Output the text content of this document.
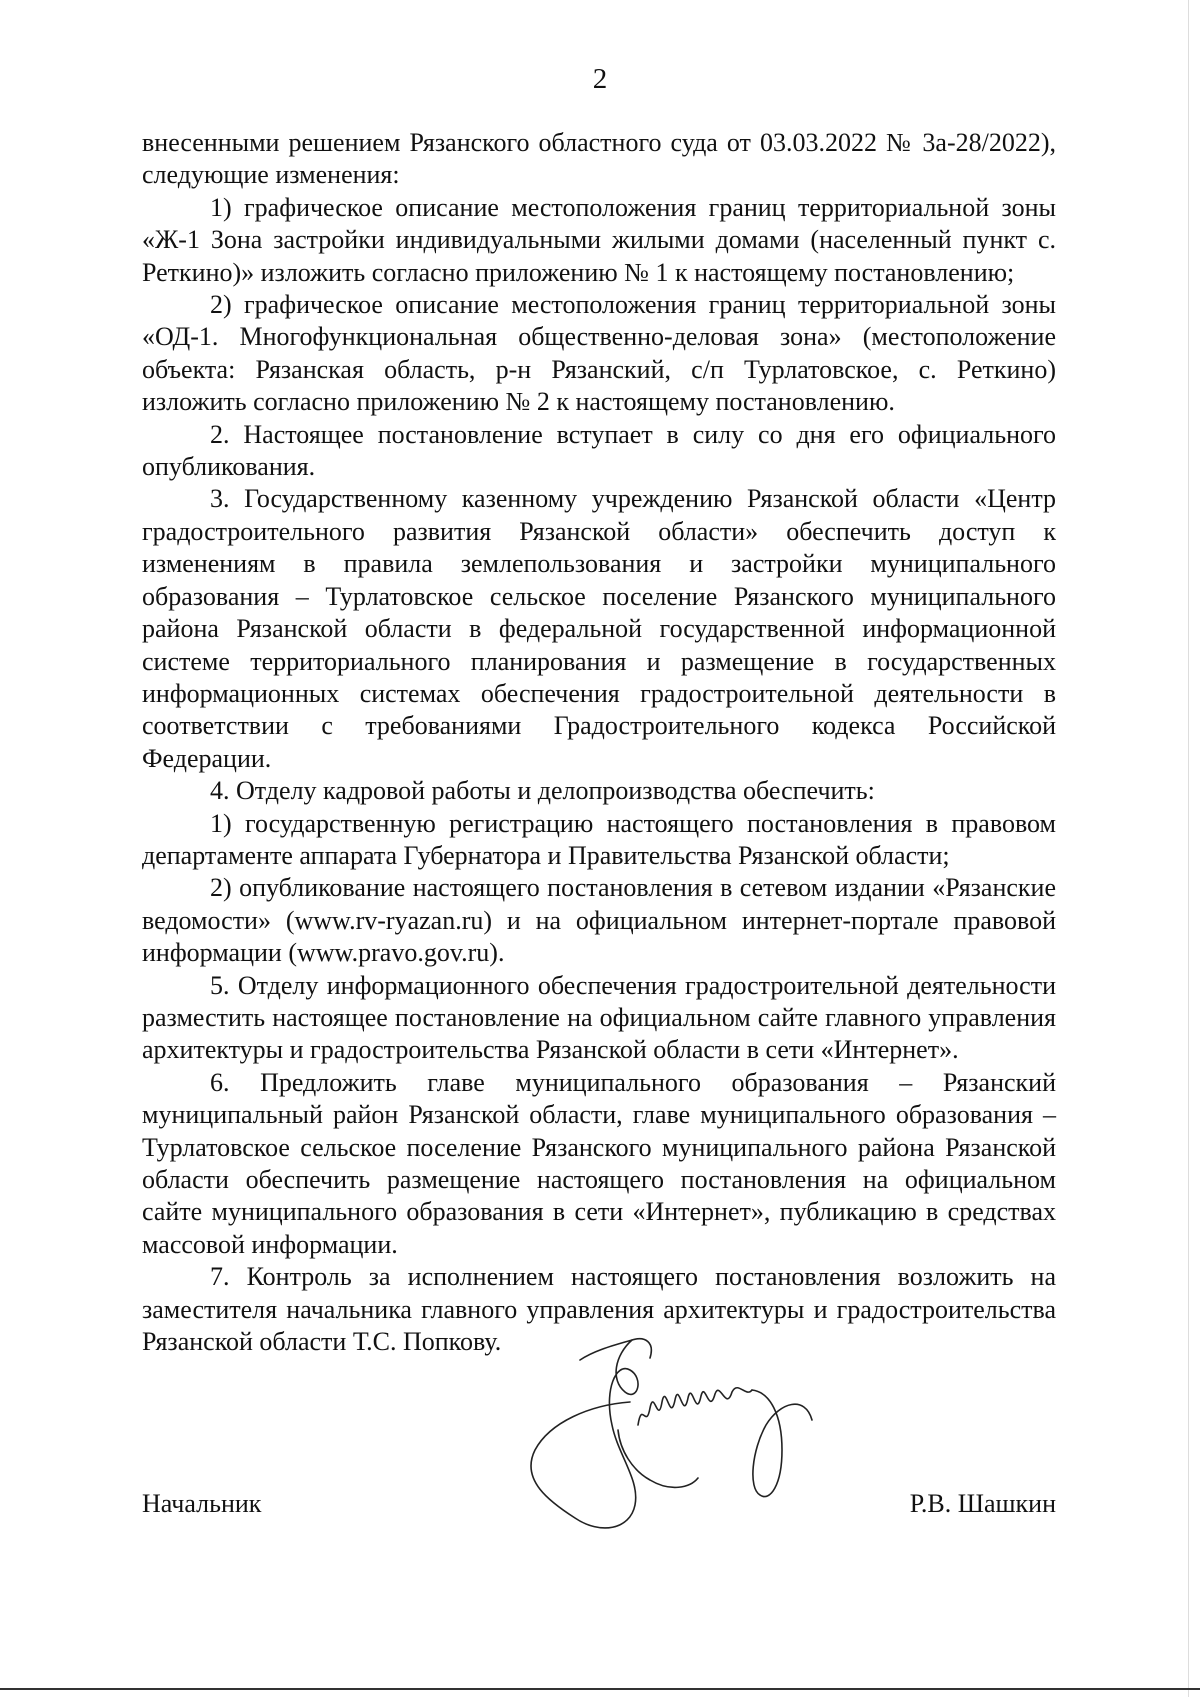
2

внесенными решением Рязанского областного суда от 03.03.2022 № 3а-28/2022), следующие изменения:

1) графическое описание местоположения границ территориальной зоны «Ж-1 Зона застройки индивидуальными жилыми домами (населенный пункт с. Реткино)» изложить согласно приложению № 1 к настоящему постановлению;

2) графическое описание местоположения границ территориальной зоны «ОД-1. Многофункциональная общественно-деловая зона» (местоположение объекта: Рязанская область, р-н Рязанский, с/п Турлатовское, с. Реткино) изложить согласно приложению № 2 к настоящему постановлению.

2. Настоящее постановление вступает в силу со дня его официального опубликования.

3. Государственному казенному учреждению Рязанской области «Центр градостроительного развития Рязанской области» обеспечить доступ к изменениям в правила землепользования и застройки муниципального образования – Турлатовское сельское поселение Рязанского муниципального района Рязанской области в федеральной государственной информационной системе территориального планирования и размещение в государственных информационных системах обеспечения градостроительной деятельности в соответствии с требованиями Градостроительного кодекса Российской Федерации.

4. Отделу кадровой работы и делопроизводства обеспечить:

1) государственную регистрацию настоящего постановления в правовом департаменте аппарата Губернатора и Правительства Рязанской области;

2) опубликование настоящего постановления в сетевом издании «Рязанские ведомости» (www.rv-ryazan.ru) и на официальном интернет-портале правовой информации (www.pravo.gov.ru).

5. Отделу информационного обеспечения градостроительной деятельности разместить настоящее постановление на официальном сайте главного управления архитектуры и градостроительства Рязанской области в сети «Интернет».

6. Предложить главе муниципального образования – Рязанский муниципальный район Рязанской области, главе муниципального образования – Турлатовское сельское поселение Рязанского муниципального района Рязанской области обеспечить размещение настоящего постановления на официальном сайте муниципального образования в сети «Интернет», публикацию в средствах массовой информации.

7. Контроль за исполнением настоящего постановления возложить на заместителя начальника главного управления архитектуры и градостроительства Рязанской области Т.С. Попкову.

Начальник	Р.В. Шашкин
